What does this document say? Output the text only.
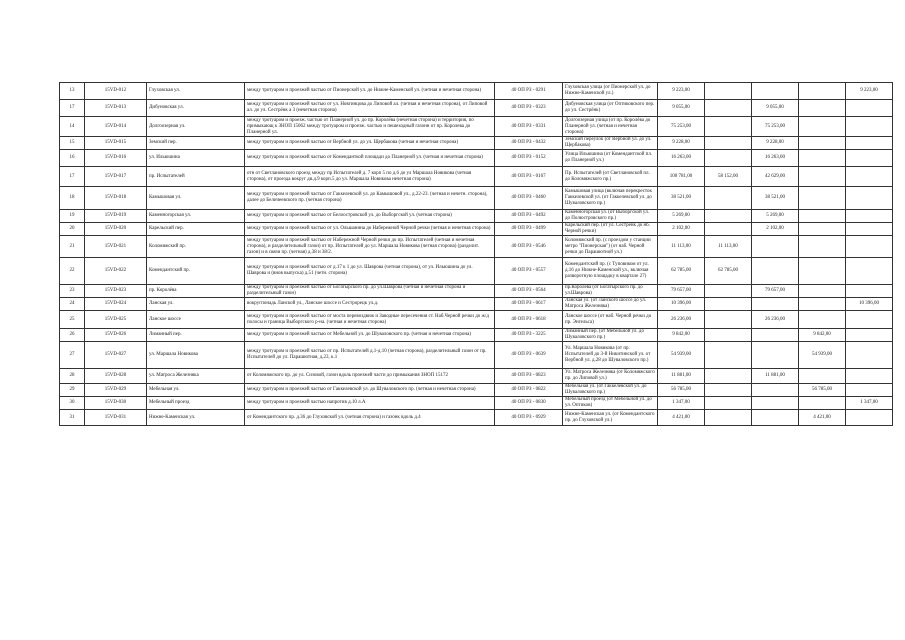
13	15VD-012	Глуховская ул.	между тротуаром и проезжей частью от Пионерской ул. до Нижне-Каменской ул. (четная и нечетная сторона)	40 ОП РЗ - 0291	Глуховская улица (от Пионерской ул. до Нижне-Каменской ул.)	9 223,00				9 223,00
17	15VD-013	Дибуновская ул.	между тротуаром и проезжей частью от ул. Новгинцова до Липовой ал. (четная и нечетная сторона), от Липовой ал. до ул. Сестрёнк а 3 (нечетная сторона)	40 ОП РЗ - 0323	Дибуновская улица (от Оптиковского пер. до ул. Сестрёнк)	9 055,00		9 055,00		
14	15VD-014	Долгоозерная ул.	между тротуаром и проезж. частью от Планерной ул. до пр. Королёва (нечетная сторона) и территория, по примыкающ к ЗНОП 15062 между тротуаром и проезж. частью и пешеходный газонн от пр. Королева до Планерной ул.	40 ОП РЗ - 0331	Долгоозерная улица (от пр. Королёва до Планерной ул. (четная и нечетная сторона)	75 253,00		75 253,00		
15	15VD-015	Земский пер.	между тротуаром и проезжей частью от Вербной ул. до ул. Щербакова (четная и нечетная сторона)	40 ОП РЗ - 0432	Земский переулок (от Вербной ул. до ул. Щербакова)	9 228,00		9 228,00		
16	15VD-016	ул. Ильюшина	между тротуаром и проезжей частью от Коменданткой площади до Планерной ул. (четная и нечетная сторона)	40 ОП РЗ - 0152	Улица Ильюшина (от Комендантской пл. до Планерной ул.)	16 263,00		16 263,00		
17	15VD-017	пр. Испытателей	отн от Светлановского проезд между пр Испытателей д. 7 корп 5 по д.6 до ул Маршала Новикова (четная сторона), от проезда вокруг дв.д.9 корп.5 до ул. Маршала Новикова нечетная сторона)	40 ОП РЗ - 0167	Пр. Испытателей (от Светлановской пл. до Коломяжского пр.)	100 781,00	58 152,00	42 629,00		
18	15VD-018	Камышовая ул.	между тротуаром и проезжей частью от Гаккелевской ул. до Камышовой ул., д.22-23. (четная и нечетн. сторона), далее до Беличеевского пр. (четная сторона)	40 ОП РЗ - 0460	Камышовая улица (включая перекресток Гаккелевской ул. (от Гаккелевской ул. до Шуваловского пр.)	38 521,00		38 521,00		
19	15VD-019	Каменногорская ул.	между тротуаром и проезжей частью от Белоостровской ул. до Выборгской ул. (четная сторона)	40 ОП РЗ - 0492	Каменногорская ул. (от Выборгской ул. до Полюстровского пр.)	5 269,00		5 269,00		
20	15VD-020	Карельский пер.	между тротуаром и проезжей частью от ул. Ольшанина до Набережной Черной речки (четная и нечетная сторона)	40 ОП РЗ - 0499	Карельский пер. (от ул. Сестрёнк до нб. Черной речки)	2 102,00		2 102,00		
21	15VD-021	Коломяжский пр.	между тротуаром и проезжей частью от Набережной Черной речки до пр. Испытателей (четная и нечетная сторона), и разделительный газон) от пр. Испытателей до ул. Маршала Новикова (четная сторона) (разделит. газон) и в связи пр. (четная) д.38 и 38/2.	40 ОП РЗ - 0546	Коломяжский пр. (с проездом у станции метро "Пионерская") (от наб. Черной речки до Парашютной ул.)	11 113,00	11 113,00			
22	15VD-022	Комендантский пр.	между тротуаром и проезжей частью от д.17 к 1 до ул. Шаврова (четная сторона), от ул. Ильюшина до ул. Шаврова и (внов выпуска) д.51 (четн. сторона)	40 ОП РЗ - 0557	Комендантский пр. (с Туповиком от ул. д.16 до Нижне-Каменской ул., включая разворотную площадку в квартале 27)	62 785,00	62 785,00			
23	15VD-023	пр. Королёва	между тротуаром и проезжей частью от Богатырского пр. до ул.Шаврова (четная и нечетная сторона и разделительный газон)	40 ОП РЗ - 0564	пр.Королёва (от Богатырского пр. до ул.Шаврова)	79 657,00		79 657,00		
24	15VD-024	Ланская ул.	вокругпонадь Ланской ул., Ланское шоссе и Сестрорецк ул.д.	40 ОП РЗ - 0617	Ланская ул. (от Ланского шоссе до ул. Матроса Железняка)	10 396,00				10 396,00
25	15VD-025	Ланское шоссе	между тротуаром и проезжей частью от моста перевоздвиж и Заводные пересечения ст. Наб.Черной речки до ж/д полосы и граница Выборгского р-на. (четная и нечетная сторона)	40 ОП РЗ - 0618	Ланское шоссе (от наб. Черной речки до пр. Энгельса)	26 236,00		26 236,00		
26	15VD-026	Лиманный пер.	между тротуаром и проезжей частью от Мебельной ул. до Шуваловского пр. (четная и нечетная сторона)	40 ОП РЗ - 3225	Лиманный пер. (от Мебельной ул. до Шуваловского пр.)	9 842,00			9 842,00	
27	15VD-027	ул. Маршала Новикова	между тротуаром и проезжей частью от пр. Испытателей д.1-д.10 (четная сторона), разделительный газон от пр. Испытателей до ул. Парашютная, д.23, к.1	40 ОП РЗ - 0639	Ул. Маршала Новикова (от пр. Испытателей до 3-й Никитинской ул. от Вербной ул. д.28 до Шуваловского пр.)	54 939,00			54 939,00	
28	15VD-028	ул. Матроса Железняка	от Коломяжского пр. до ул. Сизовой, газон вдоль проезжей части до примыкания ЗНОП 15172	40 ОП РЗ - 0823	Ул. Матроса Железняка (от Коломяжского пр. до Липовой ул.)	11 881,00		11 881,00		
29	15VD-029	Мебельная ул.	между тротуаром и проезжей частью от Гаккелевской ул. до Шуваловского пр. (четная и нечетная сторона)	40 ОП РЗ - 0822	Мебельная ул. (от Гаккелевской ул. до Шуваловского пр.)	56 785,00			56 785,00	
30	15VD-030	Мебельный проезд	между тротуаром и проезжей частью напротив д.10 л.А	40 ОП РЗ - 0830	Мебельный проезд (от Мебельной ул. до ул. Оптиков)	1 347,00				1 347,00
31	15VD-031	Нижне-Каменская ул.	от Комендантского пр. д.36 до Глуховской ул. (четная сторона) и газонк вдоль д.4	40 ОП РЗ - 0929	Нижне-Каменская ул. (от Комендантского пр. до Глуховской ул.)	4 421,00			4 421,00	
